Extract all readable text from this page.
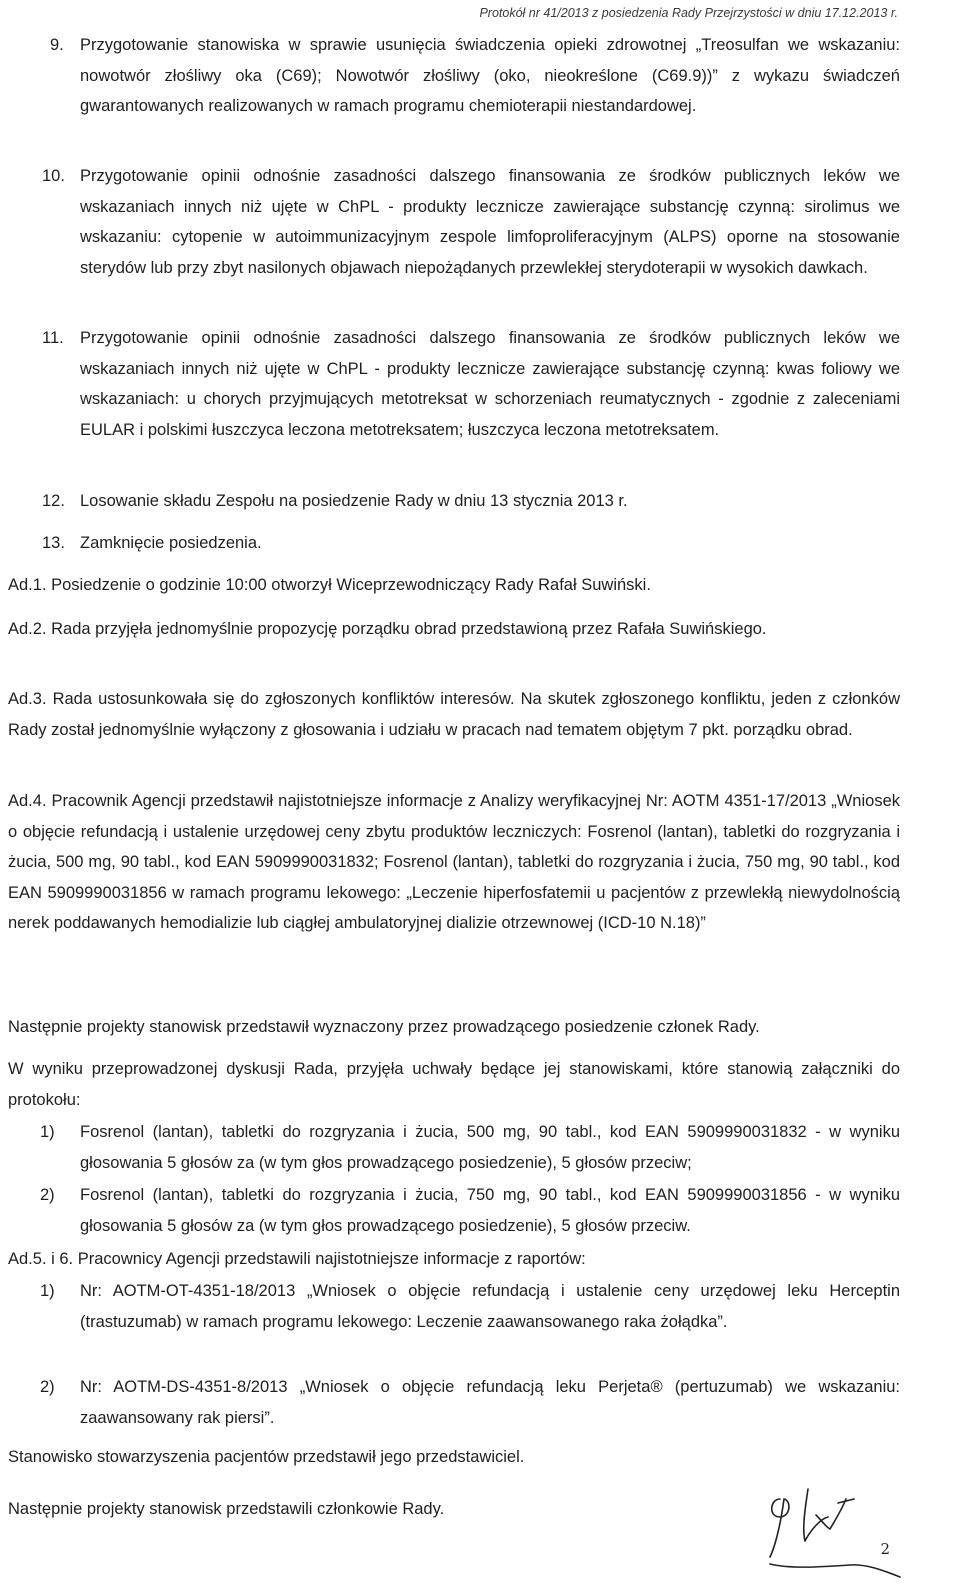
Protokół nr 41/2013 z posiedzenia Rady Przejrzystości w dniu 17.12.2013 r.
9. Przygotowanie stanowiska w sprawie usunięcia świadczenia opieki zdrowotnej „Treosulfan we wskazaniu: nowotwór złośliwy oka (C69); Nowotwór złośliwy (oko, nieokreślone (C69.9))” z wykazu świadczeń gwarantowanych realizowanych w ramach programu chemioterapii niestandardowej.
10. Przygotowanie opinii odnośnie zasadności dalszego finansowania ze środków publicznych leków we wskazaniach innych niż ujęte w ChPL - produkty lecznicze zawierające substancję czynną: sirolimus we wskazaniu: cytopenie w autoimmunizacyjnym zespole limfoproliferacyjnym (ALPS) oporne na stosowanie sterydów lub przy zbyt nasilonych objawach niepożądanych przewlekłej sterydoterapii w wysokich dawkach.
11. Przygotowanie opinii odnośnie zasadności dalszego finansowania ze środków publicznych leków we wskazaniach innych niż ujęte w ChPL - produkty lecznicze zawierające substancję czynną: kwas foliowy we wskazaniach: u chorych przyjmujących metotreksat w schorzeniach reumatycznych - zgodnie z zaleceniami EULAR i polskimi łuszczyca leczona metotreksatem; łuszczyca leczona metotreksatem.
12. Losowanie składu Zespołu na posiedzenie Rady w dniu 13 stycznia 2013 r.
13. Zamknięcie posiedzenia.
Ad.1. Posiedzenie o godzinie 10:00 otworzył Wiceprzewodniczący Rady Rafał Suwiński.
Ad.2. Rada przyjęła jednomyślnie propozycję porządku obrad przedstawioną przez Rafała Suwińskiego.
Ad.3. Rada ustosunkowała się do zgłoszonych konfliktów interesów. Na skutek zgłoszonego konfliktu, jeden z członków Rady został jednomyślnie wyłączony z głosowania i udziału w pracach nad tematem objętym 7 pkt. porządku obrad.
Ad.4. Pracownik Agencji przedstawił najistotniejsze informacje z Analizy weryfikacyjnej Nr: AOTM 4351-17/2013 „Wniosek o objęcie refundacją i ustalenie urzędowej ceny zbytu produktów leczniczych: Fosrenol (lantan), tabletki do rozgryzania i żucia, 500 mg, 90 tabl., kod EAN 5909990031832; Fosrenol (lantan), tabletki do rozgryzania i żucia, 750 mg, 90 tabl., kod EAN 5909990031856 w ramach programu lekowego: „Leczenie hiperfosfatemii u pacjentów z przewlekłą niewydolnością nerek poddawanych hemodializie lub ciągłej ambulatoryjnej dializie otrzewnowej (ICD-10 N.18)”
Następnie projekty stanowisk przedstawił wyznaczony przez prowadzącego posiedzenie członek Rady.
W wyniku przeprowadzonej dyskusji Rada, przyjęła uchwały będące jej stanowiskami, które stanowią załączniki do protokołu:
1) Fosrenol (lantan), tabletki do rozgryzania i żucia, 500 mg, 90 tabl., kod EAN 5909990031832 - w wyniku głosowania 5 głosów za (w tym głos prowadzącego posiedzenie), 5 głosów przeciw;
2) Fosrenol (lantan), tabletki do rozgryzania i żucia, 750 mg, 90 tabl., kod EAN 5909990031856 - w wyniku głosowania 5 głosów za (w tym głos prowadzącego posiedzenie), 5 głosów przeciw.
Ad.5. i 6. Pracownicy Agencji przedstawili najistotniejsze informacje z raportów:
1) Nr: AOTM-OT-4351-18/2013 „Wniosek o objęcie refundacją i ustalenie ceny urzędowej leku Herceptin (trastuzumab) w ramach programu lekowego: Leczenie zaawansowanego raka żołądka”.
2) Nr: AOTM-DS-4351-8/2013 „Wniosek o objęcie refundacją leku Perjeta® (pertuzumab) we wskazaniu: zaawansowany rak piersi”.
Stanowisko stowarzyszenia pacjentów przedstawił jego przedstawiciel.
Następnie projekty stanowisk przedstawili członkowie Rady.
2
